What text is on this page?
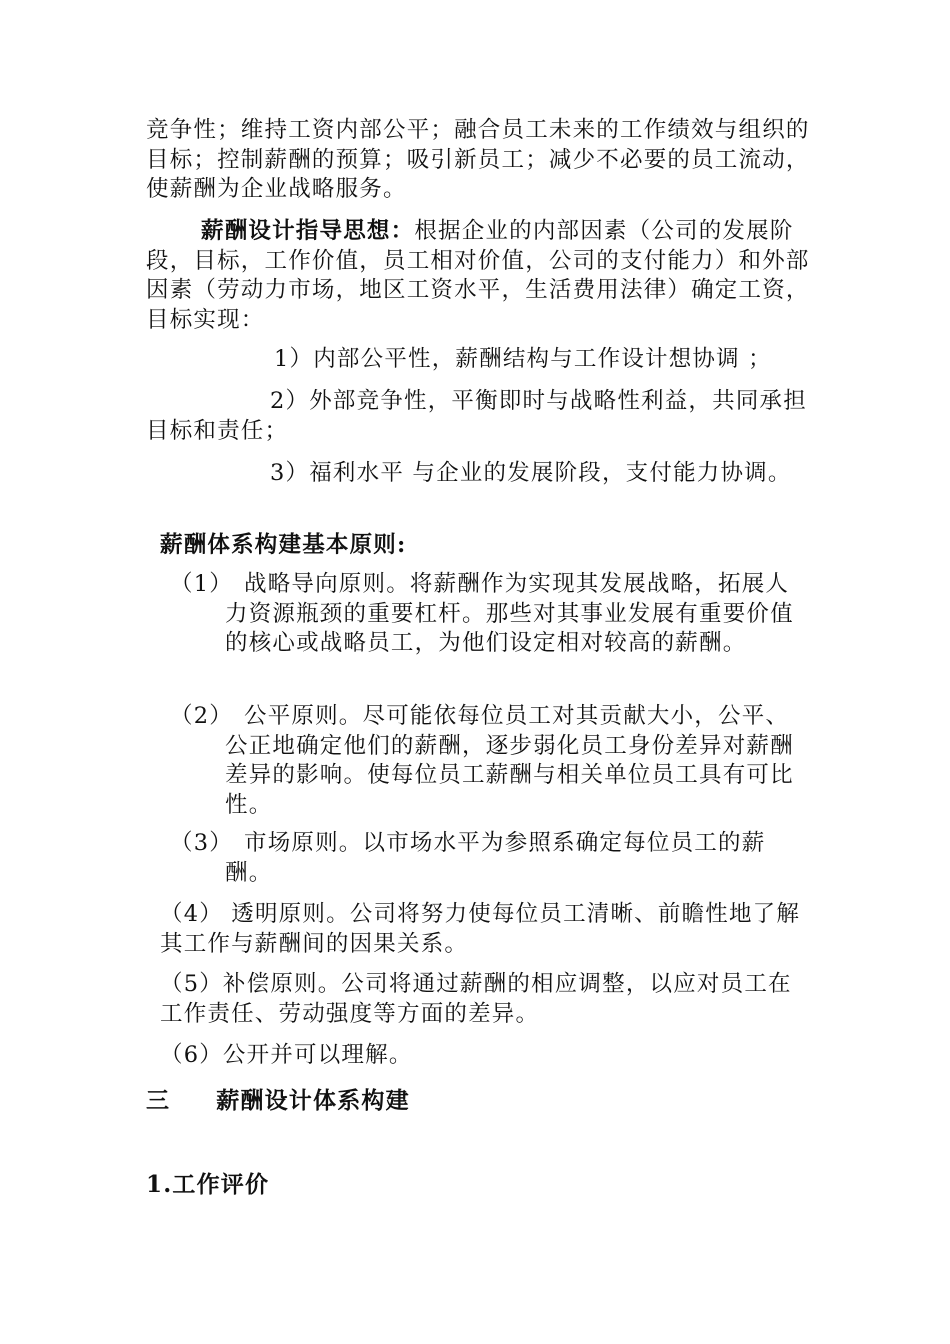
竞争性；维持工资内部公平；融合员工未来的工作绩效与组织的目标；控制薪酬的预算；吸引新员工；减少不必要的员工流动，使薪酬为企业战略服务。

薪酬设计指导思想：根据企业的内部因素（公司的发展阶段，目标，工作价值，员工相对价值，公司的支付能力）和外部因素（劳动力市场，地区工资水平，生活费用法律）确定工资，目标实现：

1）内部公平性，薪酬结构与工作设计想协调 ；

2）外部竞争性，平衡即时与战略性利益，共同承担目标和责任；

3）福利水平 与企业的发展阶段，支付能力协调。

薪酬体系构建基本原则:

（1） 战略导向原则。将薪酬作为实现其发展战略，拓展人力资源瓶颈的重要杠杆。那些对其事业发展有重要价值的核心或战略员工，为他们设定相对较高的薪酬。
（2） 公平原则。尽可能依每位员工对其贡献大小，公平、公正地确定他们的薪酬，逐步弱化员工身份差异对薪酬差异的影响。使每位员工薪酬与相关单位员工具有可比性。
（3） 市场原则。以市场水平为参照系确定每位员工的薪酬。

（4） 透明原则。公司将努力使每位员工清晰、前瞻性地了解其工作与薪酬间的因果关系。

（5）补偿原则。公司将通过薪酬的相应调整，以应对员工在工作责任、劳动强度等方面的差异。

（6）公开并可以理解。

三 薪酬设计体系构建
1.工作评价
